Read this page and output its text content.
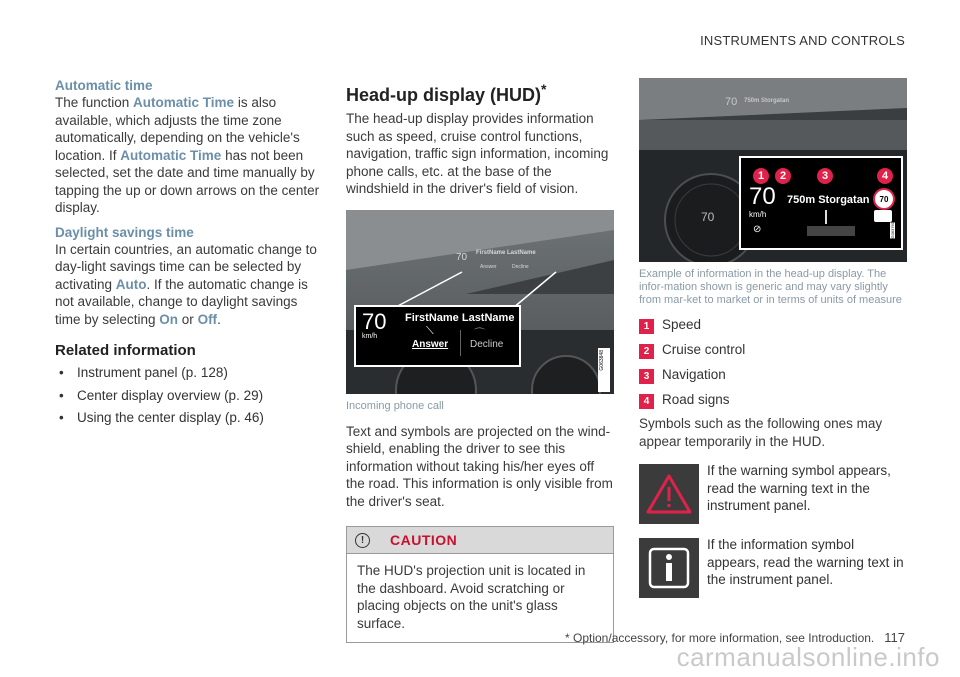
INSTRUMENTS AND CONTROLS

Automatic time

The function Automatic Time is also available, which adjusts the time zone automatically, depending on the vehicle's location. If Automatic Time has not been selected, set the date and time manually by tapping the up or down arrows on the center display.

Daylight savings time

In certain countries, an automatic change to day-light savings time can be selected by activating Auto. If the automatic change is not available, change to daylight savings time by selecting On or Off.

Related information

• Instrument panel (p. 128)
• Center display overview (p. 29)
• Using the center display (p. 46)

Head-up display (HUD)*

The head-up display provides information such as speed, cruise control functions, navigation, traffic sign information, incoming phone calls, etc. at the base of the windshield in the driver's field of vision.

70 FirstName LastName
Answer	Decline
70
km/h
FirstName LastName
⟍	⌒
Answer Decline
G063848
Incoming phone call

Text and symbols are projected on the wind-shield, enabling the driver to see this information without taking his/her eyes off the road. This information is only visible from the driver's seat.

!	CAUTION
The HUD's projection unit is located in the dashboard. Avoid scratching or placing objects on the unit's glass surface.
70 750m Storgatan
70
1	2	3	4
70
km/h
⊘
750m Storgatan	70
G063760
Example of information in the head-up display. The infor-mation shown is generic and may vary slightly from mar-ket to market or in terms of units of measure
1 Speed
2 Cruise control
3 Navigation
4 Road signs

Symbols such as the following ones may appear temporarily in the HUD.

If the warning symbol appears, read the warning text in the instrument panel.
If the information symbol appears, read the warning text in the instrument panel.
* Option/accessory, for more information, see Introduction. 117
carmanualsonline.info
